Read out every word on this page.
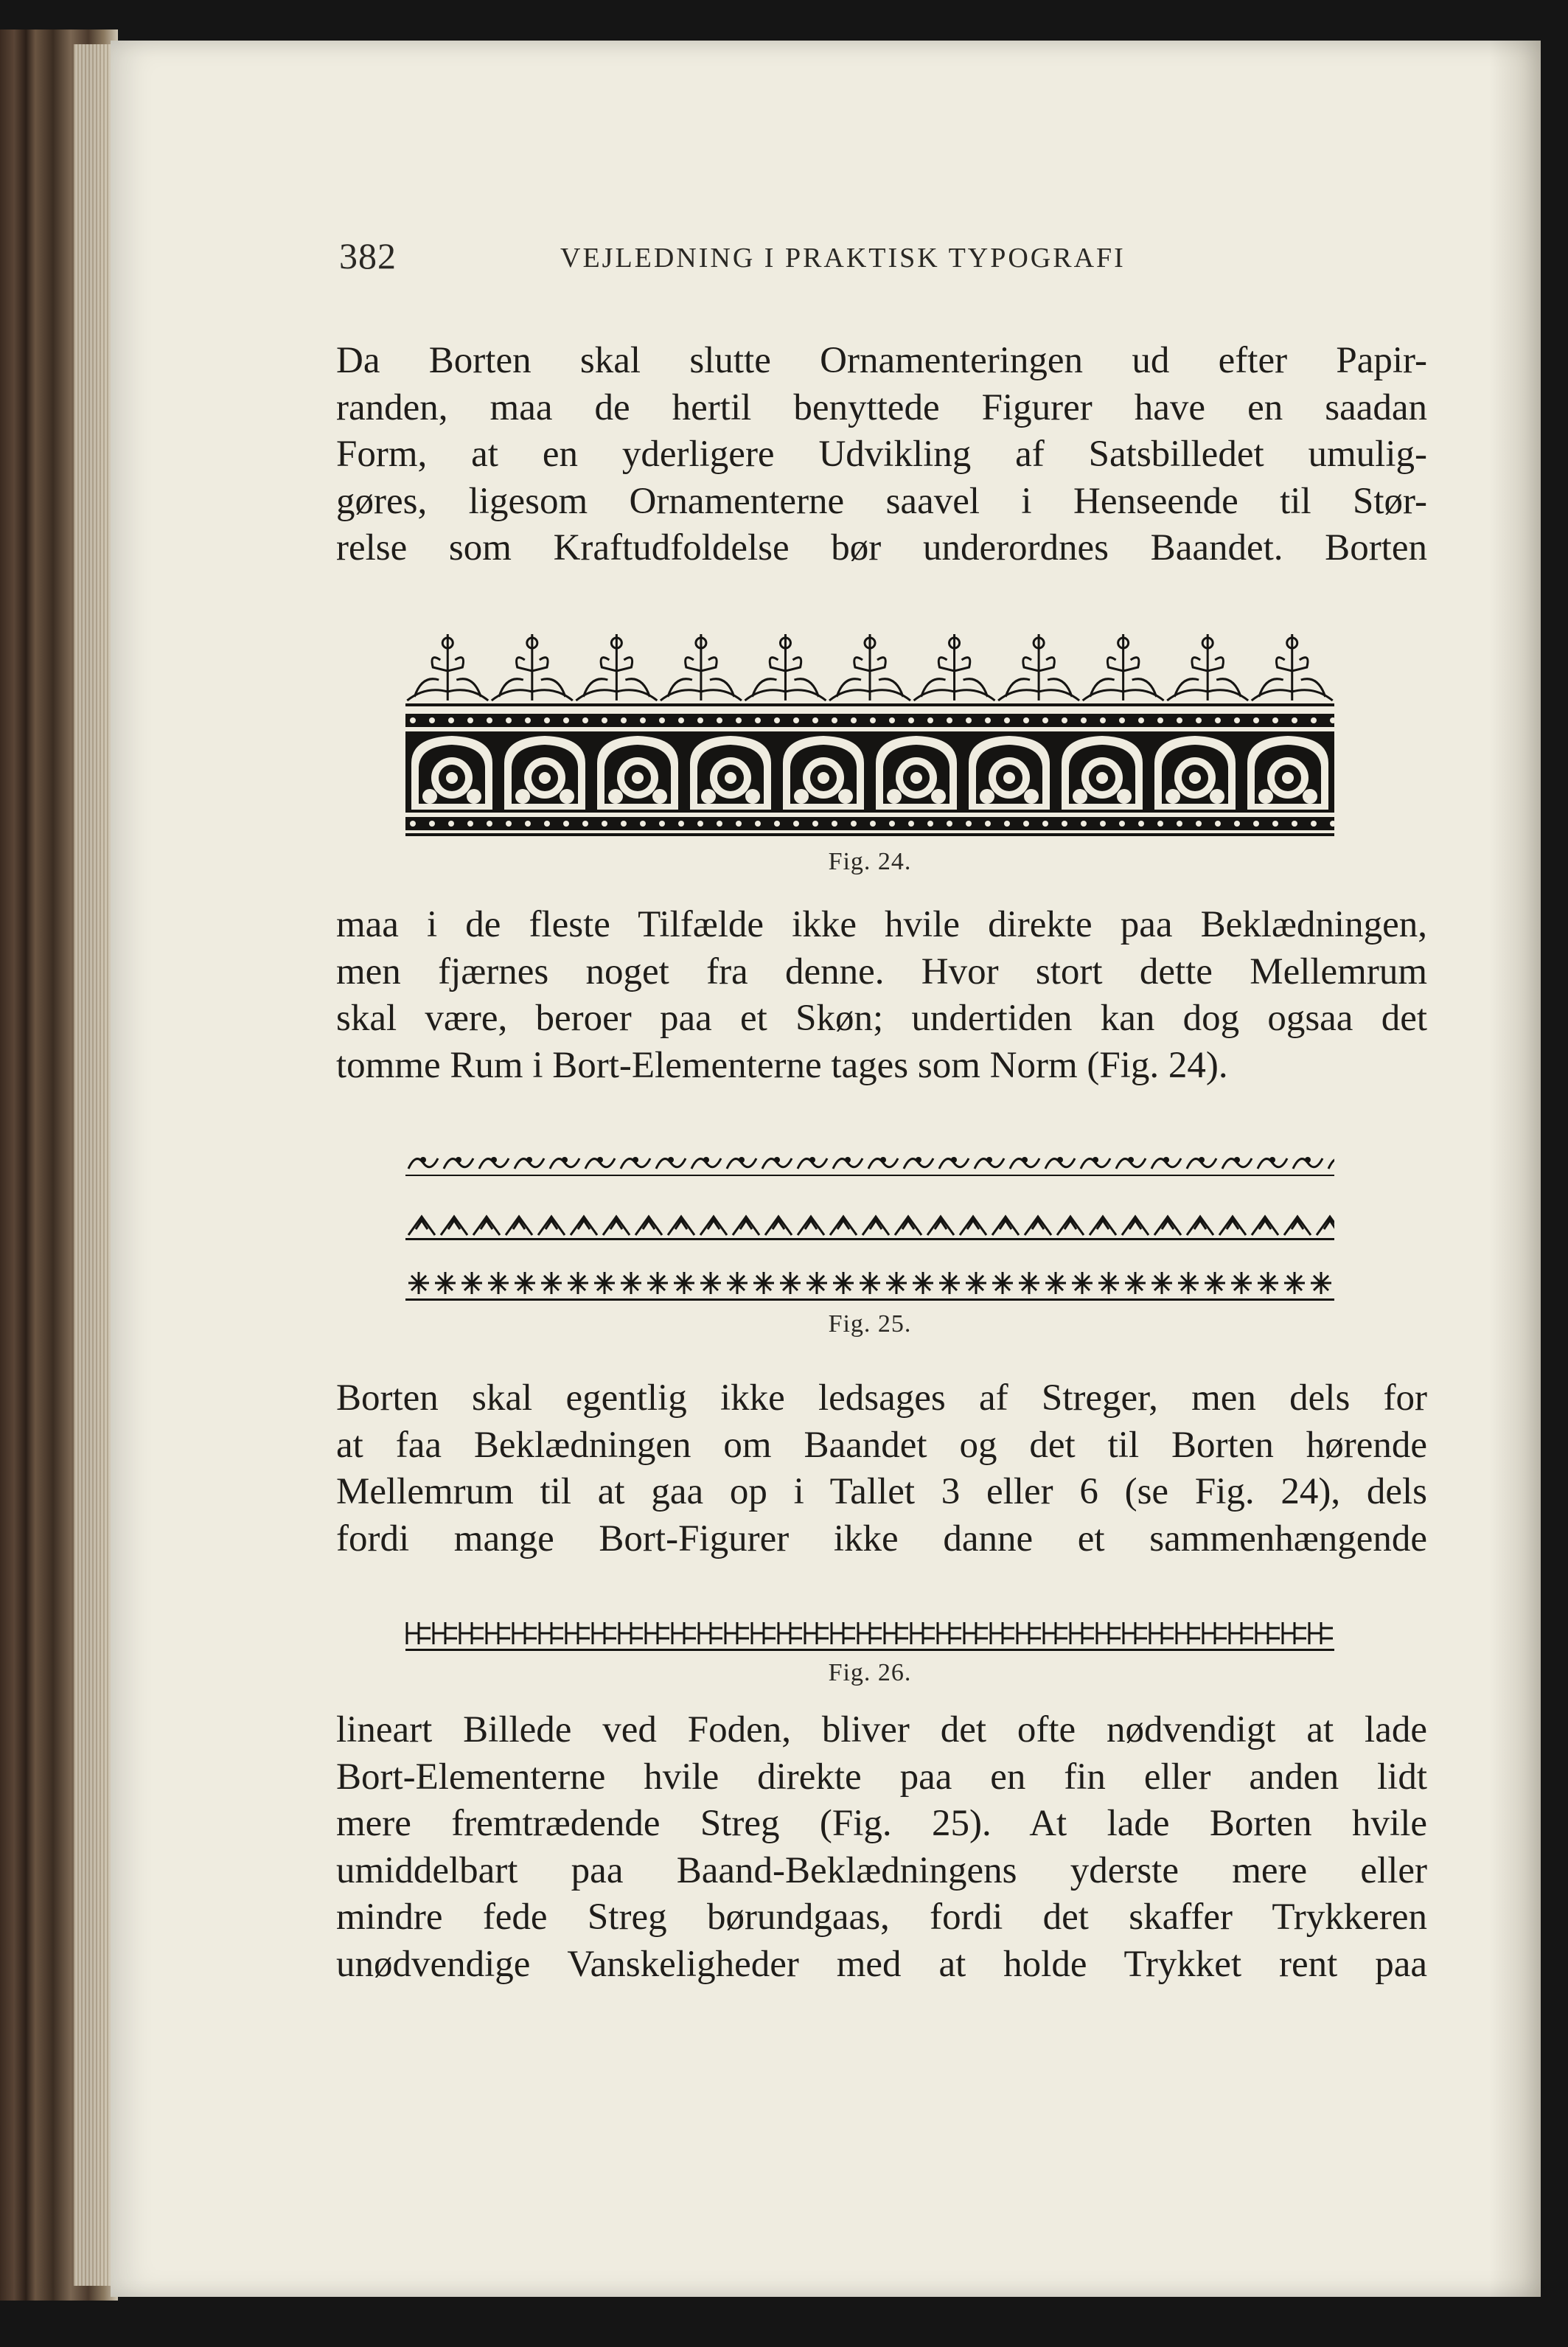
382	VEJLEDNING I PRAKTISK TYPOGRAFI
Da Borten skal slutte Ornamenteringen ud efter Papir-
randen, maa de hertil benyttede Figurer have en saadan
Form, at en yderligere Udvikling af Satsbilledet umulig-
gøres, ligesom Ornamenterne saavel i Henseende til Stør-
relse som Kraftudfoldelse bør underordnes Baandet. Borten
Fig. 24.
maa i de fleste Tilfælde ikke hvile direkte paa Beklædningen,
men fjærnes noget fra denne. Hvor stort dette Mellemrum
skal være, beroer paa et Skøn; undertiden kan dog ogsaa det
tomme Rum i Bort-Elementerne tages som Norm (Fig. 24).
Fig. 25.
Borten skal egentlig ikke ledsages af Streger, men dels for
at faa Beklædningen om Baandet og det til Borten hørende
Mellemrum til at gaa op i Tallet 3 eller 6 (se Fig. 24), dels
fordi mange Bort-Figurer ikke danne et sammenhængende
Fig. 26.
lineart Billede ved Foden, bliver det ofte nødvendigt at lade
Bort-Elementerne hvile direkte paa en fin eller anden lidt
mere fremtrædende Streg (Fig. 25). At lade Borten hvile
umiddelbart paa Baand-Beklædningens yderste mere eller
mindre fede Streg børundgaas, fordi det skaffer Trykkeren
unødvendige Vanskeligheder med at holde Trykket rent paa
